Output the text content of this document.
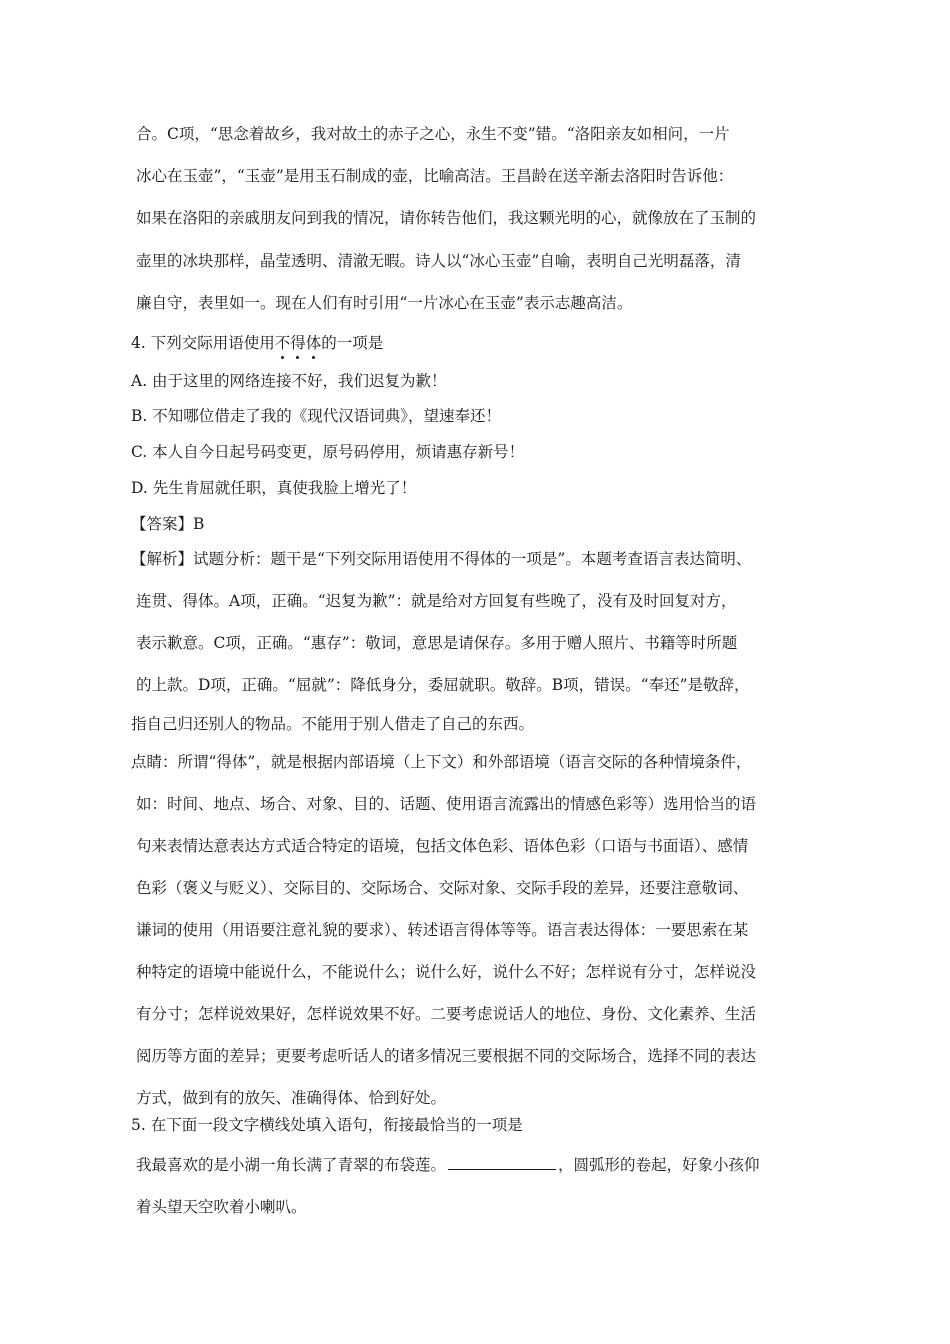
合。C项，“思念着故乡，我对故土的赤子之心，永生不变”错。“洛阳亲友如相问，一片
冰心在玉壶”，“玉壶”是用玉石制成的壶，比喻高洁。王昌龄在送辛渐去洛阳时告诉他：
如果在洛阳的亲戚朋友问到我的情况，请你转告他们，我这颗光明的心，就像放在了玉制的
壶里的冰块那样，晶莹透明、清澈无暇。诗人以“冰心玉壶”自喻，表明自己光明磊落，清
廉自守，表里如一。现在人们有时引用“一片冰心在玉壶”表示志趣高洁。
4. 下列交际用语使用不得体的一项是
A. 由于这里的网络连接不好，我们迟复为歉！
B. 不知哪位借走了我的《现代汉语词典》，望速奉还！
C. 本人自今日起号码变更，原号码停用，烦请惠存新号！
D. 先生肯屈就任职，真使我脸上增光了！
【答案】B
【解析】试题分析：题干是“下列交际用语使用不得体的一项是”。本题考查语言表达简明、
连贯、得体。A项，正确。“迟复为歉”：就是给对方回复有些晚了，没有及时回复对方，
表示歉意。C项，正确。“惠存”：敬词，意思是请保存。多用于赠人照片、书籍等时所题
的上款。D项，正确。“屈就”：降低身分，委屈就职。敬辞。B项，错误。“奉还”是敬辞，
指自己归还别人的物品。不能用于别人借走了自己的东西。
点睛：所谓“得体”，就是根据内部语境（上下文）和外部语境（语言交际的各种情境条件，
如：时间、地点、场合、对象、目的、话题、使用语言流露出的情感色彩等）选用恰当的语
句来表情达意表达方式适合特定的语境，包括文体色彩、语体色彩（口语与书面语）、感情
色彩（褒义与贬义）、交际目的、交际场合、交际对象、交际手段的差异，还要注意敬词、
谦词的使用（用语要注意礼貌的要求）、转述语言得体等等。语言表达得体：一要思索在某
种特定的语境中能说什么，不能说什么；说什么好，说什么不好；怎样说有分寸，怎样说没
有分寸；怎样说效果好，怎样说效果不好。二要考虑说话人的地位、身份、文化素养、生活
阅历等方面的差异；更要考虑听话人的诸多情况三要根据不同的交际场合，选择不同的表达
方式，做到有的放矢、准确得体、恰到好处。
5. 在下面一段文字横线处填入语句，衔接最恰当的一项是
我最喜欢的是小湖一角长满了青翠的布袋莲。	，圆弧形的卷起，好象小孩仰
着头望天空吹着小喇叭。
